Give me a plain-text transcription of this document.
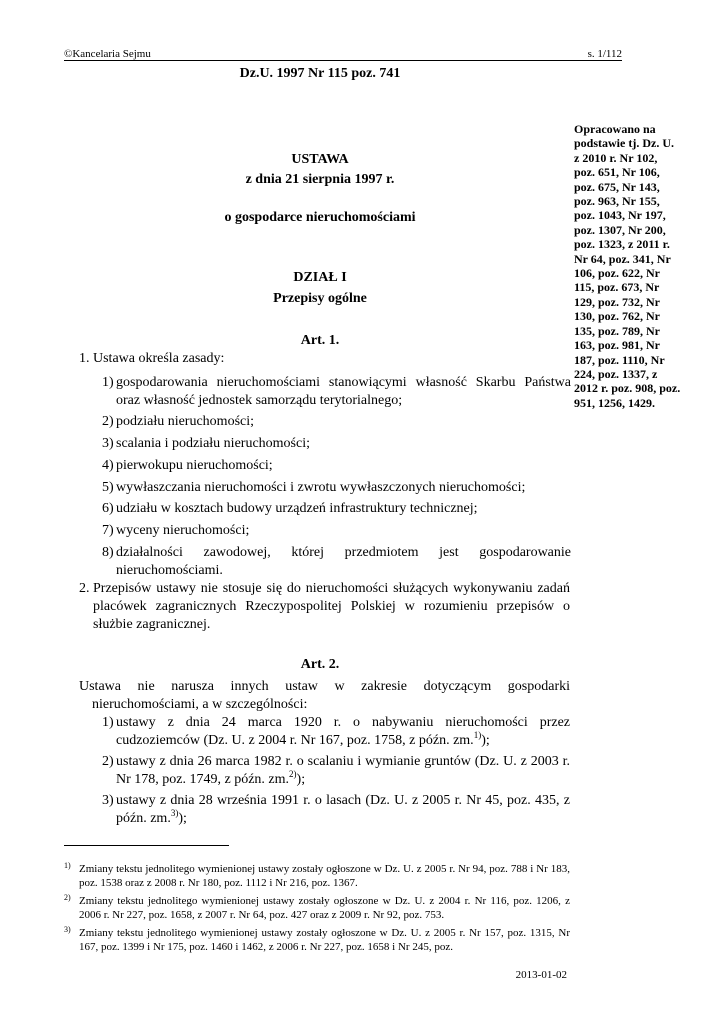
©Kancelaria Sejmu	s. 1/112
Dz.U. 1997 Nr 115 poz. 741
Opracowano na
podstawie tj. Dz. U.
z 2010 r. Nr 102,
poz. 651, Nr 106,
poz. 675, Nr 143,
poz. 963, Nr 155,
poz. 1043, Nr 197,
poz. 1307, Nr 200,
poz. 1323, z 2011 r.
Nr 64, poz. 341, Nr
106, poz. 622, Nr
115, poz. 673, Nr
129, poz. 732, Nr
130, poz. 762, Nr
135, poz. 789, Nr
163, poz. 981, Nr
187, poz. 1110, Nr
224, poz. 1337, z
2012 r. poz. 908, poz.
951, 1256, 1429.
USTAWA
z dnia 21 sierpnia 1997 r.
o gospodarce nieruchomościami
DZIAŁ I
Przepisy ogólne
Art. 1.
1. Ustawa określa zasady:
1) gospodarowania nieruchomościami stanowiącymi własność Skarbu Państwa oraz własność jednostek samorządu terytorialnego;
2) podziału nieruchomości;
3) scalania i podziału nieruchomości;
4) pierwokupu nieruchomości;
5) wywłaszczania nieruchomości i zwrotu wywłaszczonych nieruchomości;
6) udziału w kosztach budowy urządzeń infrastruktury technicznej;
7) wyceny nieruchomości;
8) działalności zawodowej, której przedmiotem jest gospodarowanie nieruchomościami.
2. Przepisów ustawy nie stosuje się do nieruchomości służących wykonywaniu zadań placówek zagranicznych Rzeczypospolitej Polskiej w rozumieniu przepisów o służbie zagranicznej.
Art. 2.
Ustawa nie narusza innych ustaw w zakresie dotyczącym gospodarki nieruchomościami, a w szczególności:
1) ustawy z dnia 24 marca 1920 r. o nabywaniu nieruchomości przez cudzoziemców (Dz. U. z 2004 r. Nr 167, poz. 1758, z późn. zm.$^{1)}$);
2) ustawy z dnia 26 marca 1982 r. o scalaniu i wymianie gruntów (Dz. U. z 2003 r. Nr 178, poz. 1749, z późn. zm.$^{2)}$);
3) ustawy z dnia 28 września 1991 r. o lasach (Dz. U. z 2005 r. Nr 45, poz. 435, z późn. zm.$^{3)}$);
1) Zmiany tekstu jednolitego wymienionej ustawy zostały ogłoszone w Dz. U. z 2005 r. Nr 94, poz. 788 i Nr 183, poz. 1538 oraz z 2008 r. Nr 180, poz. 1112 i Nr 216, poz. 1367.
2) Zmiany tekstu jednolitego wymienionej ustawy zostały ogłoszone w Dz. U. z 2004 r. Nr 116, poz. 1206, z 2006 r. Nr 227, poz. 1658, z 2007 r. Nr 64, poz. 427 oraz z 2009 r. Nr 92, poz. 753.
3) Zmiany tekstu jednolitego wymienionej ustawy zostały ogłoszone w Dz. U. z 2005 r. Nr 157, poz. 1315, Nr 167, poz. 1399 i Nr 175, poz. 1460 i 1462, z 2006 r. Nr 227, poz. 1658 i Nr 245, poz.
2013-01-02
